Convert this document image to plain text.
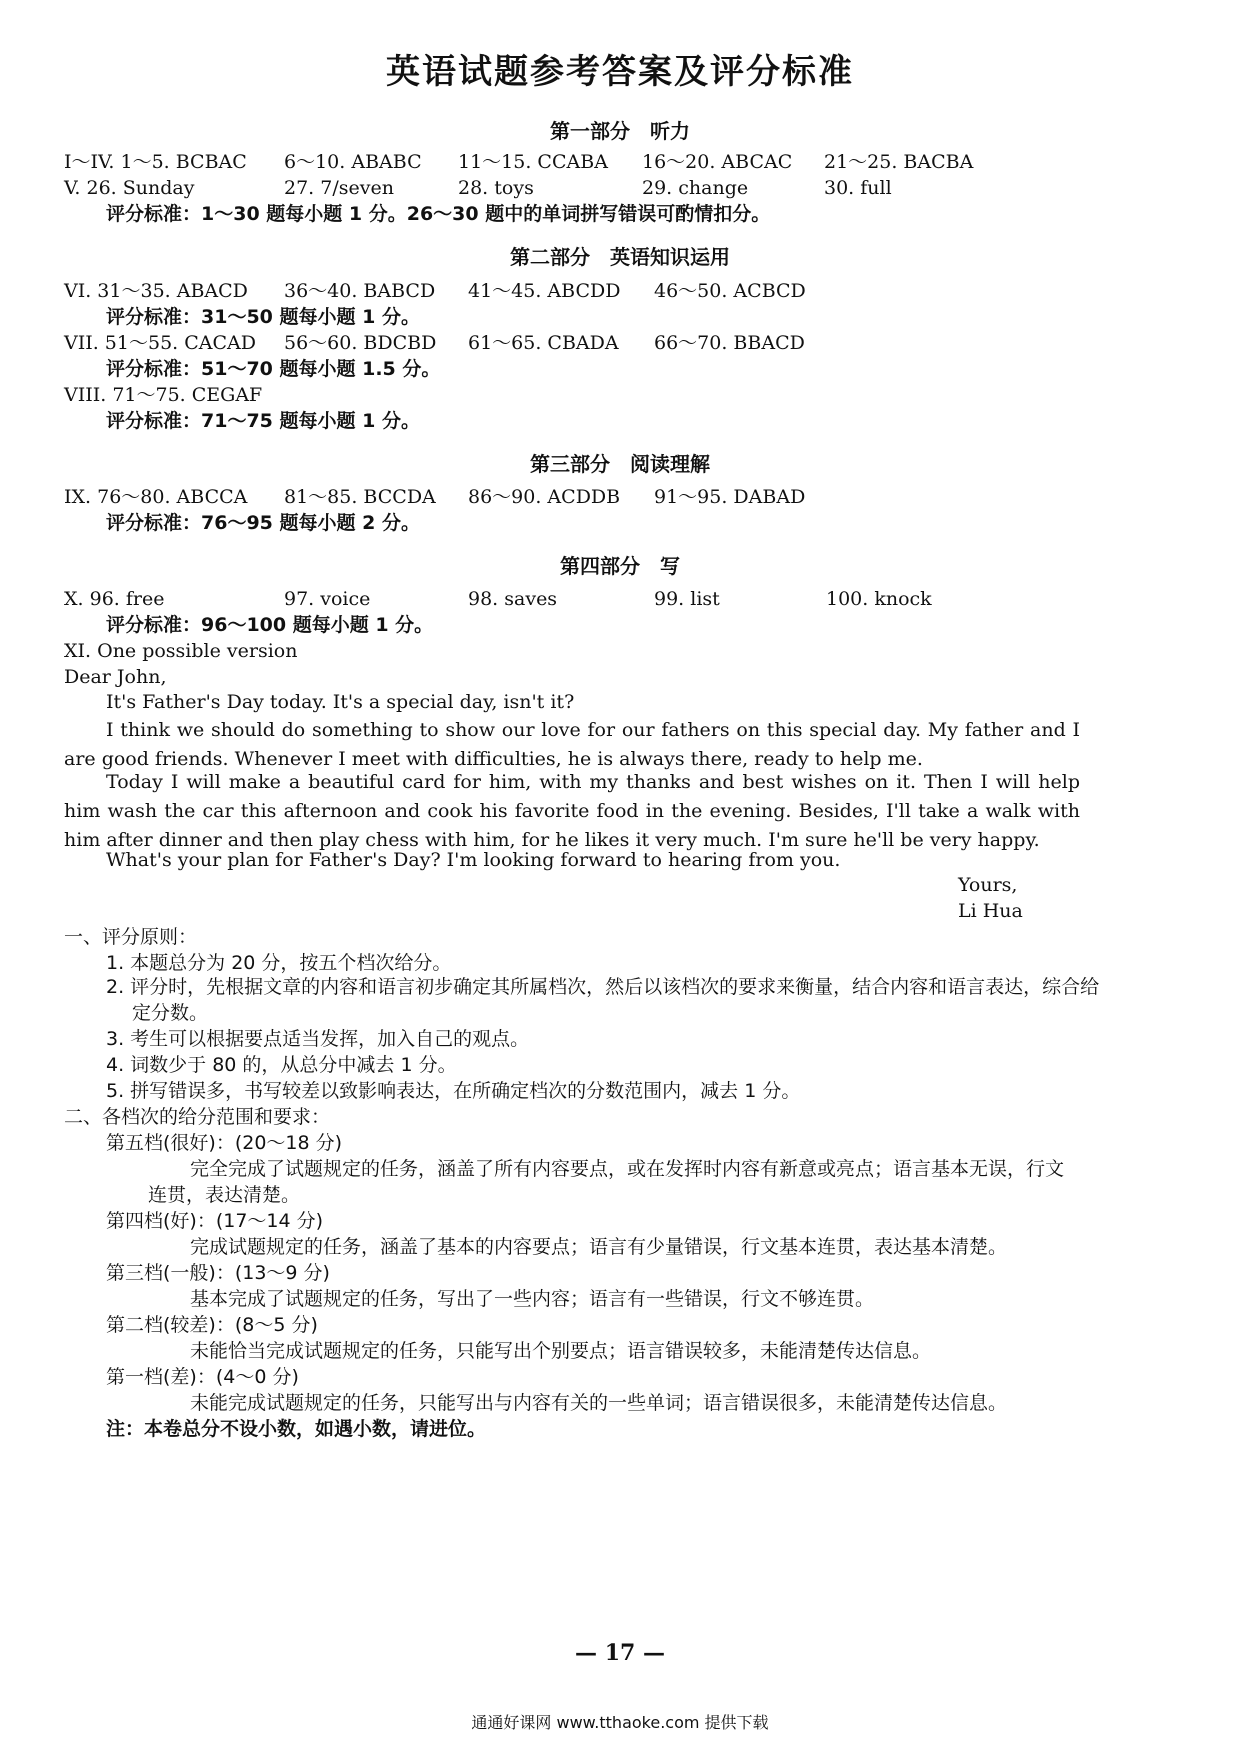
英语试题参考答案及评分标准
第一部分　听力
I～IV. 1～5. BCBAC 6～10. ABABC 11～15. CCABA 16～20. ABCAC 21～25. BACBA
V. 26. Sunday	27. 7/seven	28. toys	29. change	30. full
评分标准：1～30 题每小题 1 分。26～30 题中的单词拼写错误可酌情扣分。
第二部分　英语知识运用
VI. 31～35. ABACD 36～40. BABCD 41～45. ABCDD 46～50. ACBCD
评分标准：31～50 题每小题 1 分。
VII. 51～55. CACAD 56～60. BDCBD 61～65. CBADA 66～70. BBACD
评分标准：51～70 题每小题 1.5 分。
VIII. 71～75. CEGAF
评分标准：71～75 题每小题 1 分。
第三部分　阅读理解
IX. 76～80. ABCCA 81～85. BCCDA 86～90. ACDDB 91～95. DABAD
评分标准：76～95 题每小题 2 分。
第四部分　写
X. 96. free	97. voice	98. saves	99. list	100. knock
评分标准：96～100 题每小题 1 分。
XI. One possible version
Dear John,
It's Father's Day today. It's a special day, isn't it?
I think we should do something to show our love for our fathers on this special day. My father and I are good friends. Whenever I meet with difficulties, he is always there, ready to help me.
Today I will make a beautiful card for him, with my thanks and best wishes on it. Then I will help him wash the car this afternoon and cook his favorite food in the evening. Besides, I'll take a walk with him after dinner and then play chess with him, for he likes it very much. I'm sure he'll be very happy.
What's your plan for Father's Day? I'm looking forward to hearing from you.
Yours,
Li Hua
一、评分原则：
1. 本题总分为 20 分，按五个档次给分。
2. 评分时，先根据文章的内容和语言初步确定其所属档次，然后以该档次的要求来衡量，结合内容和语言表达，综合给定分数。
3. 考生可以根据要点适当发挥，加入自己的观点。
4. 词数少于 80 的，从总分中减去 1 分。
5. 拼写错误多，书写较差以致影响表达，在所确定档次的分数范围内，减去 1 分。
二、各档次的给分范围和要求：
第五档(很好)：(20～18 分)
完全完成了试题规定的任务，涵盖了所有内容要点，或在发挥时内容有新意或亮点；语言基本无误，行文连贯，表达清楚。
第四档(好)：(17～14 分)
完成试题规定的任务，涵盖了基本的内容要点；语言有少量错误，行文基本连贯，表达基本清楚。
第三档(一般)：(13～9 分)
基本完成了试题规定的任务，写出了一些内容；语言有一些错误，行文不够连贯。
第二档(较差)：(8～5 分)
未能恰当完成试题规定的任务，只能写出个别要点；语言错误较多，未能清楚传达信息。
第一档(差)：(4～0 分)
未能完成试题规定的任务，只能写出与内容有关的一些单词；语言错误很多，未能清楚传达信息。
注：本卷总分不设小数，如遇小数，请进位。
— 17 —
通通好课网 www.tthaoke.com 提供下载
